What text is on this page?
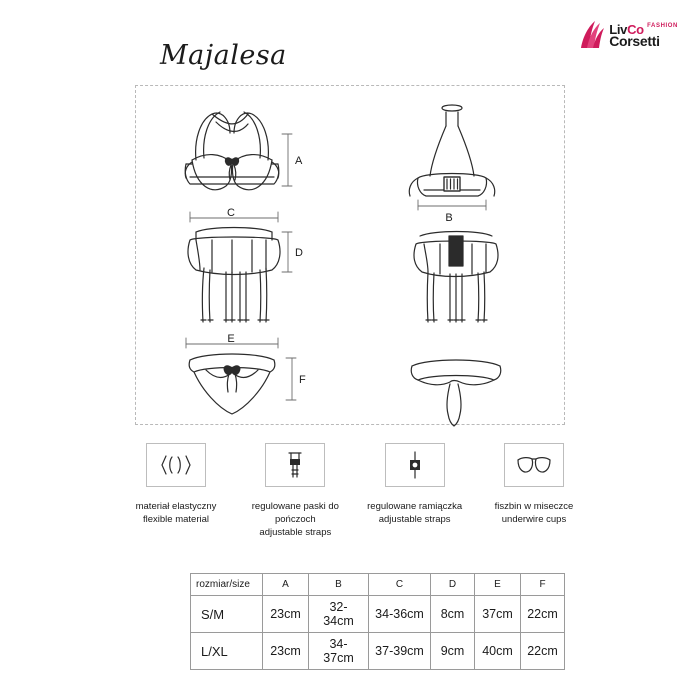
LivCo $^{FASHION}$
Corsetti
Majalesa
A
B
C
D
E
F
materiał elastyczny
flexible material
regulowane paski do pończoch
adjustable straps
regulowane ramiączka
adjustable straps
fiszbin w miseczce
underwire cups
rozmiar/size	A	B	C	D	E	F
S/M	23cm	32-34cm	34-36cm	8cm	37cm	22cm
L/XL	23cm	34-37cm	37-39cm	9cm	40cm	22cm
